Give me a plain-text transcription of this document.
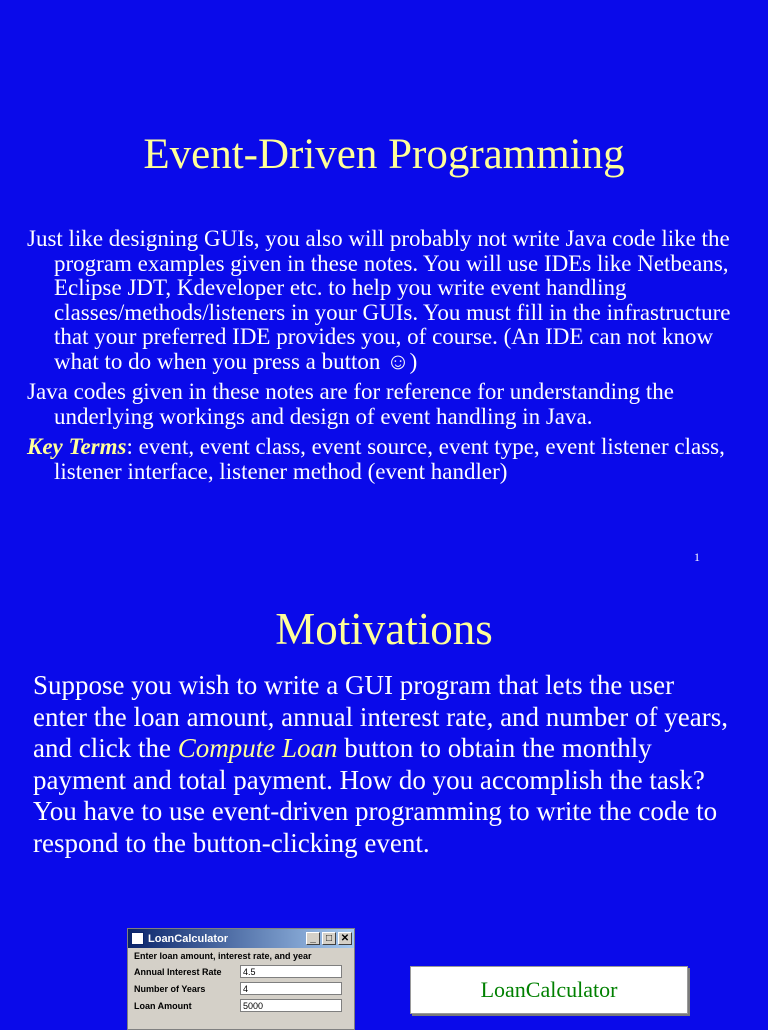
Event-Driven Programming

Just like designing GUIs, you also will probably not write Java code like the program examples given in these notes. You will use IDEs like Netbeans, Eclipse JDT, Kdeveloper etc. to help you write event handling classes/methods/listeners in your GUIs. You must fill in the infrastructure that your preferred IDE provides you, of course. (An IDE can not know what to do when you press a button ☺)

Java codes given in these notes are for reference for understanding the underlying workings and design of event handling in Java.

Key Terms: event, event class, event source, event type, event listener class, listener interface, listener method (event handler)

1
Motivations

Suppose you wish to write a GUI program that lets the user enter the loan amount, annual interest rate, and number of years, and click the Compute Loan button to obtain the monthly payment and total payment. How do you accomplish the task? You have to use event-driven programming to write the code to respond to the button-clicking event.

LoanCalculator	_	□ ✕
Enter loan amount, interest rate, and year
Annual Interest Rate	4.5
Number of Years	4
Loan Amount	5000
LoanCalculator
